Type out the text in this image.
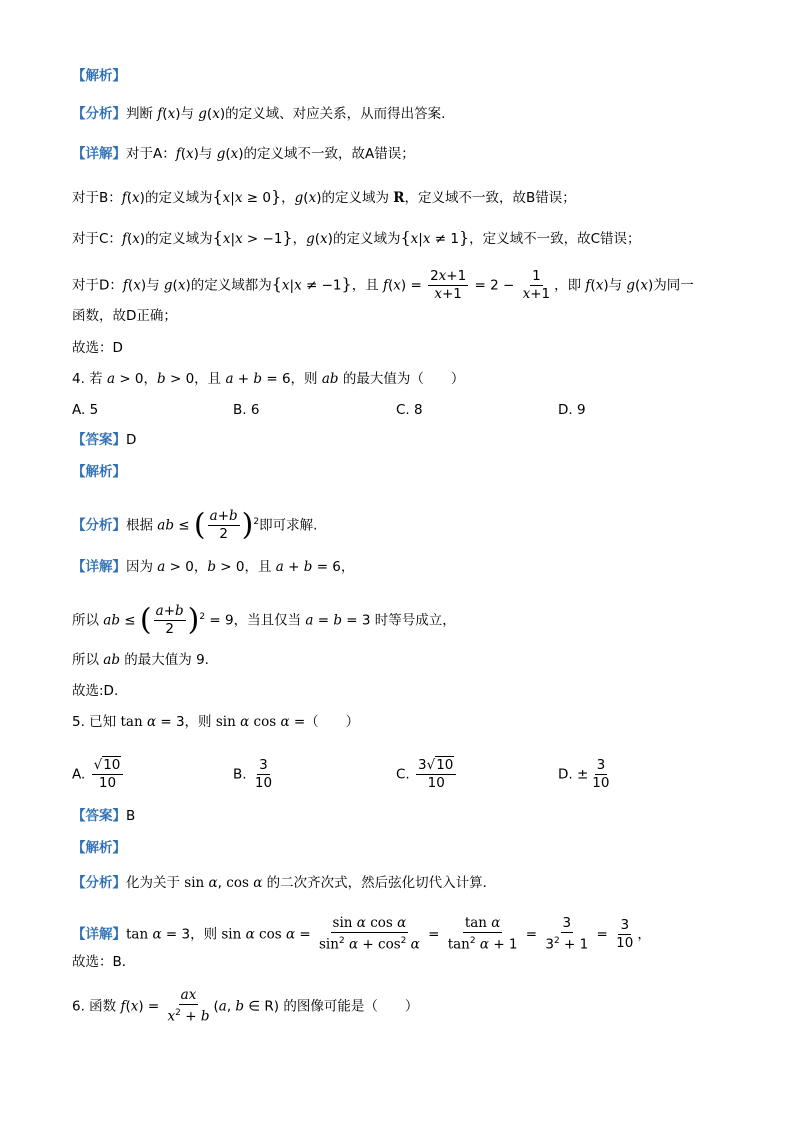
【解析】
【分析】判断 f(x)与 g(x)的定义域、对应关系，从而得出答案.
【详解】对于A：f(x)与 g(x)的定义域不一致，故A错误；
对于B：f(x)的定义域为{x|x ≥ 0}，g(x)的定义域为 R，定义域不一致，故B错误；
对于C：f(x)的定义域为{x|x > −1}，g(x)的定义域为{x|x ≠ 1}，定义域不一致，故C错误；
对于D：f(x)与 g(x)的定义域都为{x|x ≠ −1}，且 $f(x) = \frac{2x+1}{x+1} = 2 - \frac{1}{x+1}$ ，即 f(x)与 g(x)为同一
函数，故D正确；
故选：D
4. 若 a > 0，b > 0，且 a + b = 6，则 ab 的最大值为（　　）
A. 5	B. 6	C. 8	D. 9
【答案】D
【解析】
【分析】根据 ab ≤ ( $\frac{a+b}{2} )^2$即可求解.
【详解】因为 a > 0，b > 0，且 a + b = 6，
所以 ab ≤ ( $\frac{a+b}{2} )^2 = 9$，当且仅当 a = b = 3 时等号成立，
所以 ab 的最大值为 9.
故选:D.
5. 已知 tan α = 3，则 sin α cos α =（　　）
A. $\frac{√10}{10}$	B. $\frac{3}{10}$	C. $\frac{3√10}{10}$	D. ± $\frac{3}{10}$
【答案】B
【解析】
【分析】化为关于 sin α, cos α 的二次齐次式，然后弦化切代入计算．
【详解】tan α = 3，则 sin α $\cos \alpha = \frac{\text{sin α cos α}}{\sin^2 \alpha + \cos^2 \alpha} = \frac{\text{tan α}}{\tan^2 \alpha + 1} = \frac{3}{3^2 + 1} = \frac{3}{10}$ ，
故选：B．
6. 函数 $f(x) = \frac{ax}{x^2 + b} (a$, b ∈ R) 的图像可能是（　　）
